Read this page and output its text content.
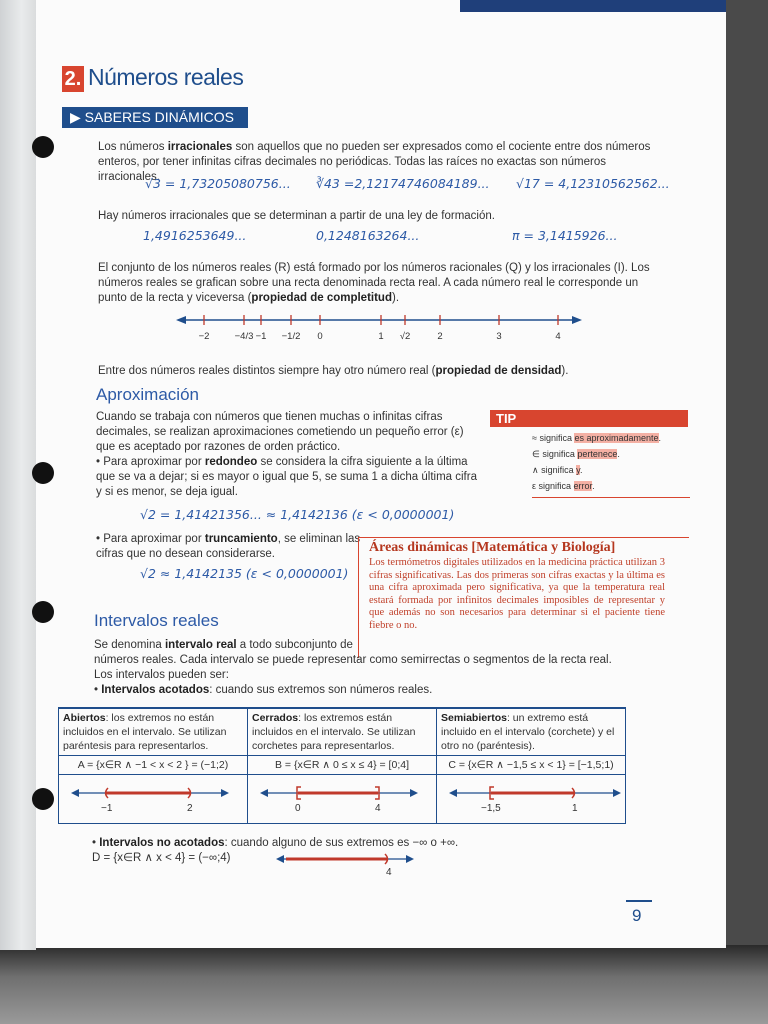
2. Números reales
▶ SABERES DINÁMICOS
Los números irracionales son aquellos que no pueden ser expresados como el cociente entre dos números
enteros, por tener infinitas cifras decimales no periódicas. Todas las raíces no exactas son números irracionales.
√3 = 1,73205080756... ∛43 =2,12174746084189... √17 = 4,12310562562...
Hay números irracionales que se determinan a partir de una ley de formación.
1,4916253649...	0,1248163264...	π = 3,1415926...
El conjunto de los números reales (R) está formado por los números racionales (Q) y los irracionales (I). Los
números reales se grafican sobre una recta denominada recta real. A cada número real le corresponde un
punto de la recta y viceversa (propiedad de completitud).
−2	−4/3 −1 −1/2 0	1 √2	2	3	4
Entre dos números reales distintos siempre hay otro número real (propiedad de densidad).
Aproximación
Cuando se trabaja con números que tienen muchas o infinitas cifras
decimales, se realizan aproximaciones cometiendo un pequeño error (ε)
que es aceptado por razones de orden práctico.
• Para aproximar por redondeo se considera la cifra siguiente a la última
que se va a dejar; si es mayor o igual que 5, se suma 1 a dicha última cifra
y si es menor, se deja igual.
√2 = 1,41421356... ≈ 1,4142136 (ε < 0,0000001)
• Para aproximar por truncamiento, se eliminan las
cifras que no desean considerarse.
√2 ≈ 1,4142135 (ε < 0,0000001)
TIP
≈ significa es aproximadamente.
∈ significa pertenece.
∧ significa y.
ε significa error.
Áreas dinámicas [Matemática y Biología]
Los termómetros digitales utilizados en la medicina práctica utilizan 3 cifras significativas. Las dos primeras son cifras exactas y la última es una cifra aproximada pero significativa, ya que la temperatura real estará formada por infinitos decimales imposibles de representar y que además no son necesarios para determinar si el paciente tiene fiebre o no.
Intervalos reales
Se denomina intervalo real a todo subconjunto de
números reales. Cada intervalo se puede representar como semirrectas o segmentos de la recta real.
Los intervalos pueden ser:
• Intervalos acotados: cuando sus extremos son números reales.
Abiertos: los extremos no están incluidos en el intervalo. Se utilizan paréntesis para representarlos.	Cerrados: los extremos están incluidos en el intervalo. Se utilizan corchetes para representarlos.	Semiabiertos: un extremo está incluido en el intervalo (corchete) y el otro no (paréntesis).
A = {x∈R ∧ −1 < x < 2 } = (−1;2)	B = {x∈R ∧ 0 ≤ x ≤ 4} = [0;4]	C = {x∈R ∧ −1,5 ≤ x < 1} = [−1,5;1)

−1 2	0 4	−1,5 1
• Intervalos no acotados: cuando alguno de sus extremos es −∞ o +∞.
D = {x∈R ∧ x < 4} = (−∞;4)
4
9
